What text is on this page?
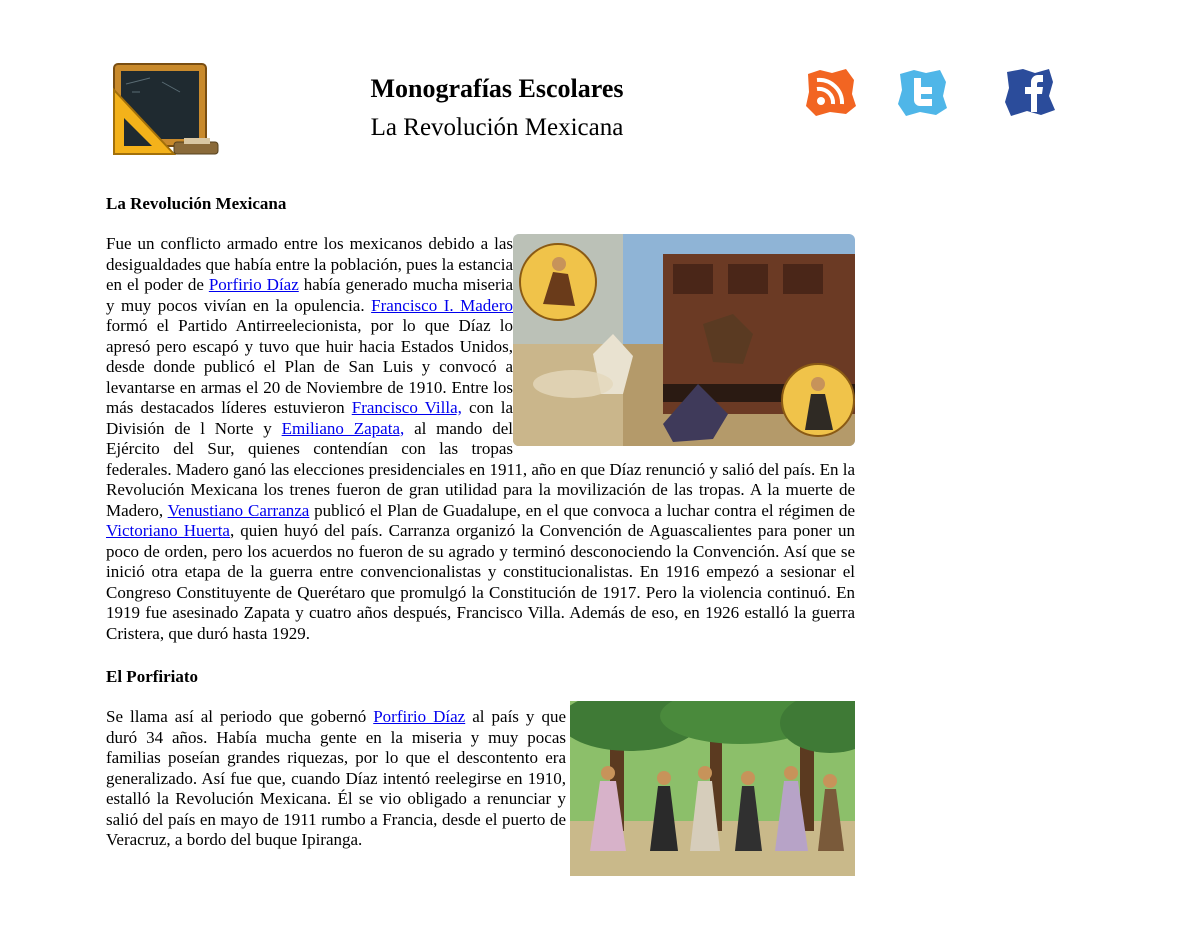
Monografías Escolares
La Revolución Mexicana
La Revolución Mexicana

Fue un conflicto armado entre los mexicanos debido a las desigualdades que había entre la población, pues la estancia en el poder de Porfirio Díaz había generado mucha miseria y muy pocos vivían en la opulencia. Francisco I. Madero formó el Partido Antirreelecionista, por lo que Díaz lo apresó pero escapó y tuvo que huir hacia Estados Unidos, desde donde publicó el Plan de San Luis y convocó a levantarse en armas el 20 de Noviembre de 1910. Entre los más destacados líderes estuvieron Francisco Villa, con la División de l Norte y Emiliano Zapata, al mando del Ejército del Sur, quienes contendían con las tropas federales. Madero ganó las elecciones presidenciales en 1911, año en que Díaz renunció y salió del país. En la Revolución Mexicana los trenes fueron de gran utilidad para la movilización de las tropas. A la muerte de Madero, Venustiano Carranza publicó el Plan de Guadalupe, en el que convoca a luchar contra el régimen de Victoriano Huerta, quien huyó del país. Carranza organizó la Convención de Aguascalientes para poner un poco de orden, pero los acuerdos no fueron de su agrado y terminó desconociendo la Convención. Así que se inició otra etapa de la guerra entre convencionalistas y constitucionalistas. En 1916 empezó a sesionar el Congreso Constituyente de Querétaro que promulgó la Constitución de 1917. Pero la violencia continuó. En 1919 fue asesinado Zapata y cuatro años después, Francisco Villa. Además de eso, en 1926 estalló la guerra Cristera, que duró hasta 1929.

El Porfiriato

Se llama así al periodo que gobernó Porfirio Díaz al país y que duró 34 años. Había mucha gente en la miseria y muy pocas familias poseían grandes riquezas, por lo que el descontento era generalizado. Así fue que, cuando Díaz intentó reelegirse en 1910, estalló la Revolución Mexicana. Él se vio obligado a renunciar y salió del país en mayo de 1911 rumbo a Francia, desde el puerto de Veracruz, a bordo del buque Ipiranga.
